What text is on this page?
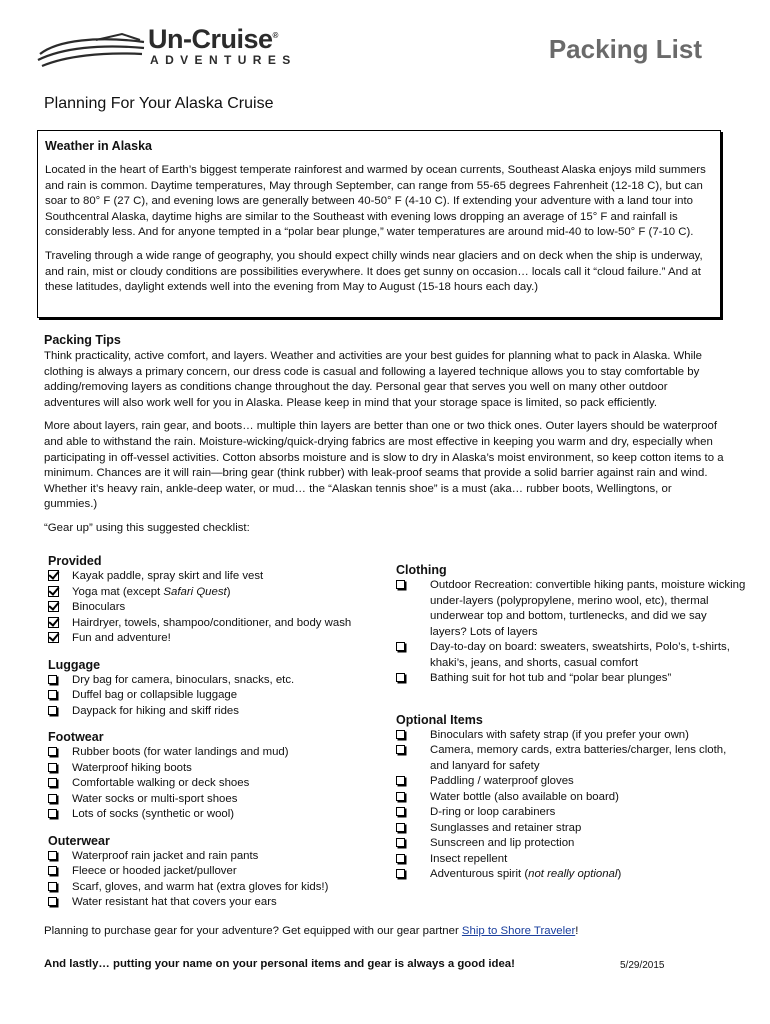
Un-Cruise®
ADVENTURES	Packing List
Planning For Your Alaska Cruise
Weather in Alaska

Located in the heart of Earth’s biggest temperate rainforest and warmed by ocean currents, Southeast Alaska enjoys mild summers and rain is common. Daytime temperatures, May through September, can range from 55-65 degrees Fahrenheit (12-18 C), but can soar to 80° F (27 C), and evening lows are generally between 40-50° F (4-10 C). If extending your adventure with a land tour into Southcentral Alaska, daytime highs are similar to the Southeast with evening lows dropping an average of 15° F and rainfall is considerably less. And for anyone tempted in a “polar bear plunge,” water temperatures are around mid-40 to low-50° F (7-10 C).

Traveling through a wide range of geography, you should expect chilly winds near glaciers and on deck when the ship is underway, and rain, mist or cloudy conditions are possibilities everywhere. It does get sunny on occasion… locals call it “cloud failure.” And at these latitudes, daylight extends well into the evening from May to August (15-18 hours each day.)

Packing Tips

Think practicality, active comfort, and layers. Weather and activities are your best guides for planning what to pack in Alaska. While clothing is always a primary concern, our dress code is casual and following a layered technique allows you to stay comfortable by adding/removing layers as conditions change throughout the day. Personal gear that serves you well on many other outdoor adventures will also work well for you in Alaska. Please keep in mind that your storage space is limited, so pack efficiently.

More about layers, rain gear, and boots… multiple thin layers are better than one or two thick ones. Outer layers should be waterproof and able to withstand the rain. Moisture-wicking/quick-drying fabrics are most effective in keeping you warm and dry, especially when participating in off-vessel activities. Cotton absorbs moisture and is slow to dry in Alaska’s moist environment, so keep cotton items to a minimum. Chances are it will rain—bring gear (think rubber) with leak-proof seams that provide a solid barrier against rain and wind. Whether it’s heavy rain, ankle-deep water, or mud… the “Alaskan tennis shoe” is a must (aka… rubber boots, Wellingtons, or gummies.)

“Gear up” using this suggested checklist:

Provided
Kayak paddle, spray skirt and life vest
Yoga mat (except Safari Quest)
Binoculars
Hairdryer, towels, shampoo/conditioner, and body wash
Fun and adventure!
Luggage
Dry bag for camera, binoculars, snacks, etc.
Duffel bag or collapsible luggage
Daypack for hiking and skiff rides
Footwear
Rubber boots (for water landings and mud)
Waterproof hiking boots
Comfortable walking or deck shoes
Water socks or multi-sport shoes
Lots of socks (synthetic or wool)
Outerwear
Waterproof rain jacket and rain pants
Fleece or hooded jacket/pullover
Scarf, gloves, and warm hat (extra gloves for kids!)
Water resistant hat that covers your ears
Clothing
Outdoor Recreation: convertible hiking pants, moisture wicking under-layers (polypropylene, merino wool, etc), thermal underwear top and bottom, turtlenecks, and did we say layers? Lots of layers
Day-to-day on board: sweaters, sweatshirts, Polo’s, t-shirts, khaki’s, jeans, and shorts, casual comfort
Bathing suit for hot tub and “polar bear plunges”
Optional Items
Binoculars with safety strap (if you prefer your own)
Camera, memory cards, extra batteries/charger, lens cloth, and lanyard for safety
Paddling / waterproof gloves
Water bottle (also available on board)
D-ring or loop carabiners
Sunglasses and retainer strap
Sunscreen and lip protection
Insect repellent
Adventurous spirit (not really optional)
Planning to purchase gear for your adventure? Get equipped with our gear partner Ship to Shore Traveler!
And lastly… putting your name on your personal items and gear is always a good idea!	5/29/2015
